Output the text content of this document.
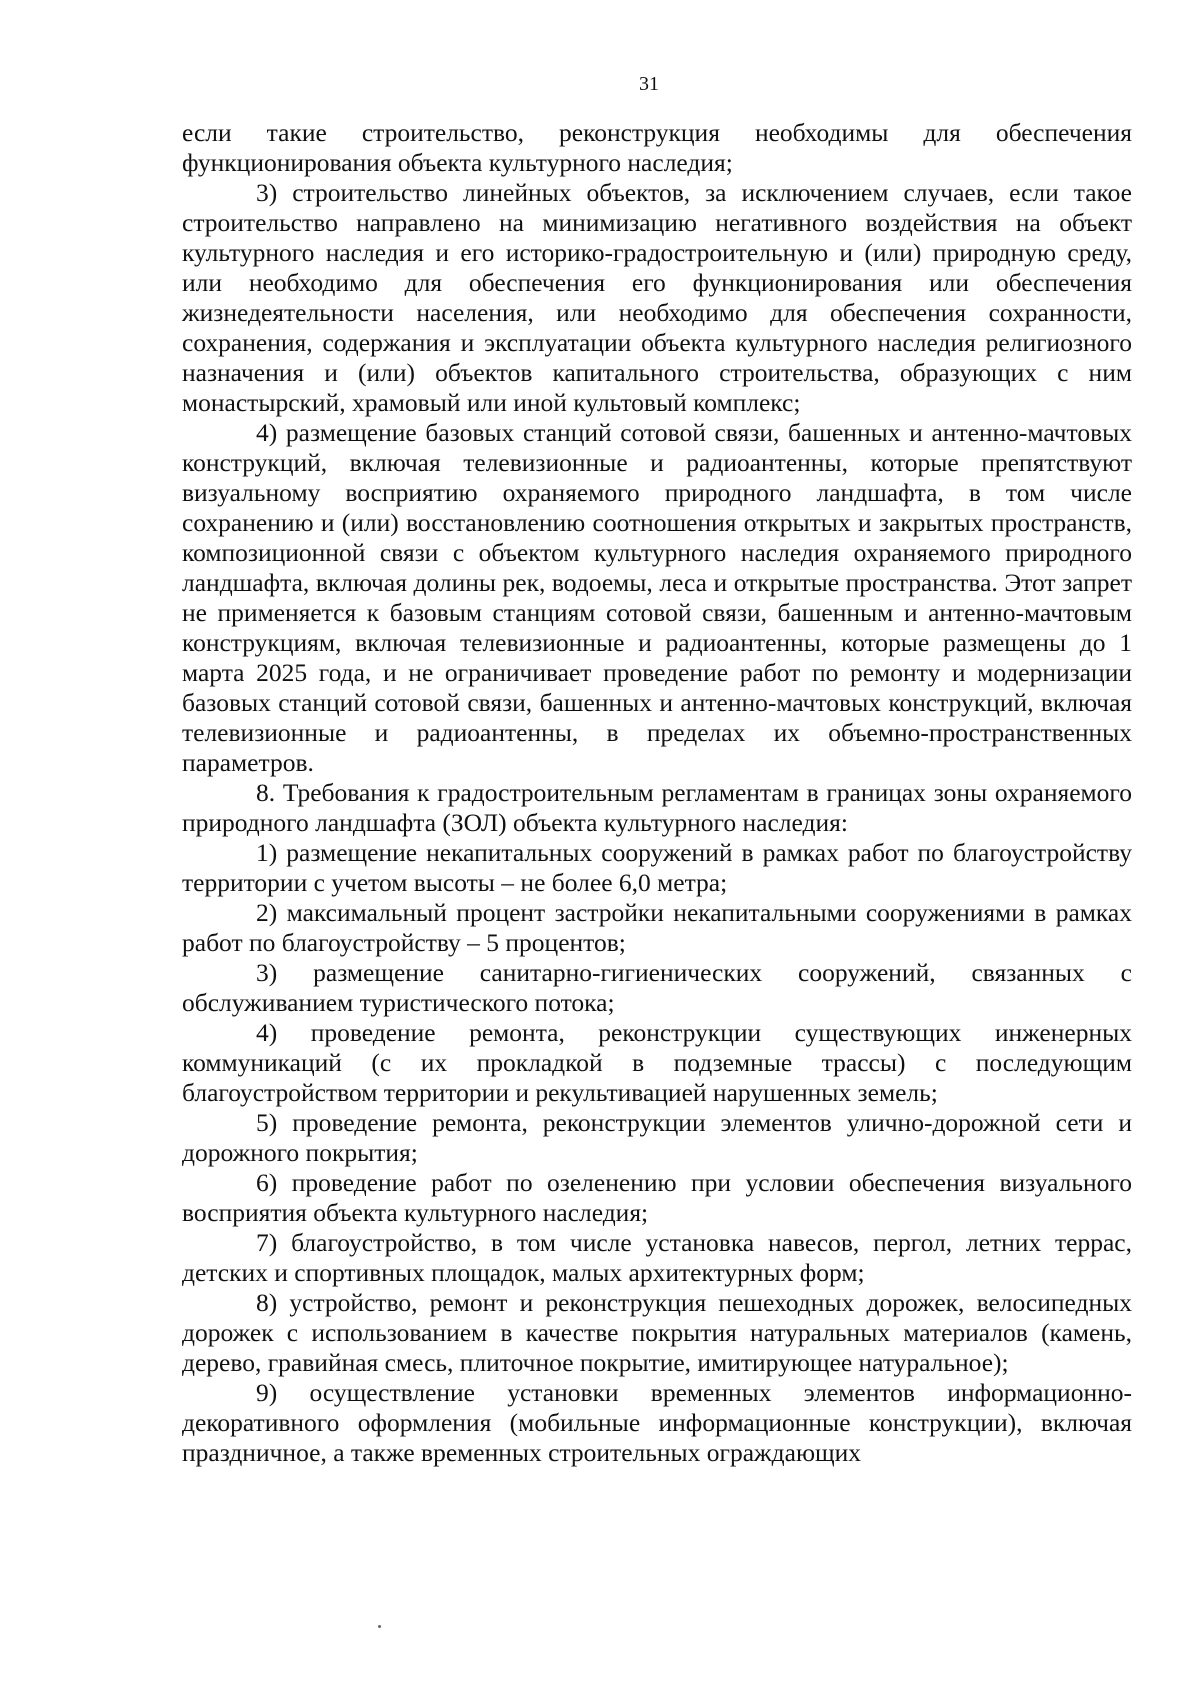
31

если такие строительство, реконструкция необходимы для обеспечения функционирования объекта культурного наследия;

3) строительство линейных объектов, за исключением случаев, если такое строительство направлено на минимизацию негативного воздействия на объект культурного наследия и его историко-градостроительную и (или) природную среду, или необходимо для обеспечения его функционирования или обеспечения жизнедеятельности населения, или необходимо для обеспечения сохранности, сохранения, содержания и эксплуатации объекта культурного наследия религиозного назначения и (или) объектов капитального строительства, образующих с ним монастырский, храмовый или иной культовый комплекс;

4) размещение базовых станций сотовой связи, башенных и антенно-мачтовых конструкций, включая телевизионные и радиоантенны, которые препятствуют визуальному восприятию охраняемого природного ландшафта, в том числе сохранению и (или) восстановлению соотношения открытых и закрытых пространств, композиционной связи с объектом культурного наследия охраняемого природного ландшафта, включая долины рек, водоемы, леса и открытые пространства. Этот запрет не применяется к базовым станциям сотовой связи, башенным и антенно-мачтовым конструкциям, включая телевизионные и радиоантенны, которые размещены до 1 марта 2025 года, и не ограничивает проведение работ по ремонту и модернизации базовых станций сотовой связи, башенных и антенно-мачтовых конструкций, включая телевизионные и радиоантенны, в пределах их объемно-пространственных параметров.

8. Требования к градостроительным регламентам в границах зоны охраняемого природного ландшафта (ЗОЛ) объекта культурного наследия:

1) размещение некапитальных сооружений в рамках работ по благоустройству территории с учетом высоты – не более 6,0 метра;

2) максимальный процент застройки некапитальными сооружениями в рамках работ по благоустройству – 5 процентов;

3) размещение санитарно-гигиенических сооружений, связанных с обслуживанием туристического потока;

4) проведение ремонта, реконструкции существующих инженерных коммуникаций (с их прокладкой в подземные трассы) с последующим благоустройством территории и рекультивацией нарушенных земель;

5) проведение ремонта, реконструкции элементов улично-дорожной сети и дорожного покрытия;

6) проведение работ по озеленению при условии обеспечения визуального восприятия объекта культурного наследия;

7) благоустройство, в том числе установка навесов, пергол, летних террас, детских и спортивных площадок, малых архитектурных форм;

8) устройство, ремонт и реконструкция пешеходных дорожек, велосипедных дорожек с использованием в качестве покрытия натуральных материалов (камень, дерево, гравийная смесь, плиточное покрытие, имитирующее натуральное);

9) осуществление установки временных элементов информационно-декоративного оформления (мобильные информационные конструкции), включая праздничное, а также временных строительных ограждающих
